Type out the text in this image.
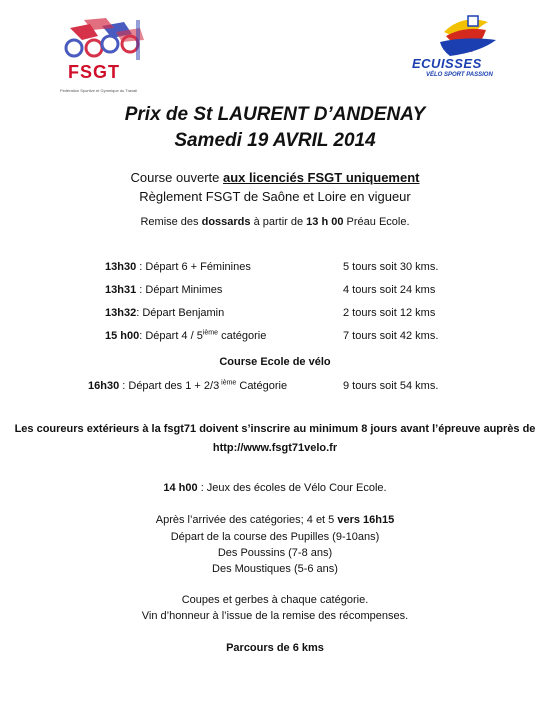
FSGT
Fédération Sportive et Gymnique du Travail
ECUISSES
VÉLO SPORT PASSION
Prix de St LAURENT D’ANDENAY
Samedi 19 AVRIL 2014
Course ouverte aux licenciés FSGT uniquement
Règlement FSGT de Saône et Loire en vigueur
Remise des dossards à partir de 13 h 00 Préau Ecole.
13h30 : Départ 6 + Féminines	5 tours soit 30 kms.
13h31 : Départ Minimes	4 tours soit 24 kms
13h32: Départ Benjamin	2 tours soit 12 kms
15 h00: Départ 4 / 5ième catégorie	7 tours soit 42 kms.
Course Ecole de vélo
16h30 : Départ des 1 + 2/3 $^{ième}$ Catégorie	9 tours soit 54 kms.
Les coureurs extérieurs à la fsgt71 doivent s’inscrire au minimum 8 jours avant l’épreuve auprès de
http://www.fsgt71velo.fr
14 h00 : Jeux des écoles de Vélo Cour Ecole.
Après l’arrivée des catégories; 4 et 5 vers 16h15
Départ de la course des Pupilles (9-10ans)
Des Poussins (7-8 ans)
Des Moustiques (5-6 ans)
Coupes et gerbes à chaque catégorie.
Vin d’honneur à l’issue de la remise des récompenses.
Parcours de 6 kms
